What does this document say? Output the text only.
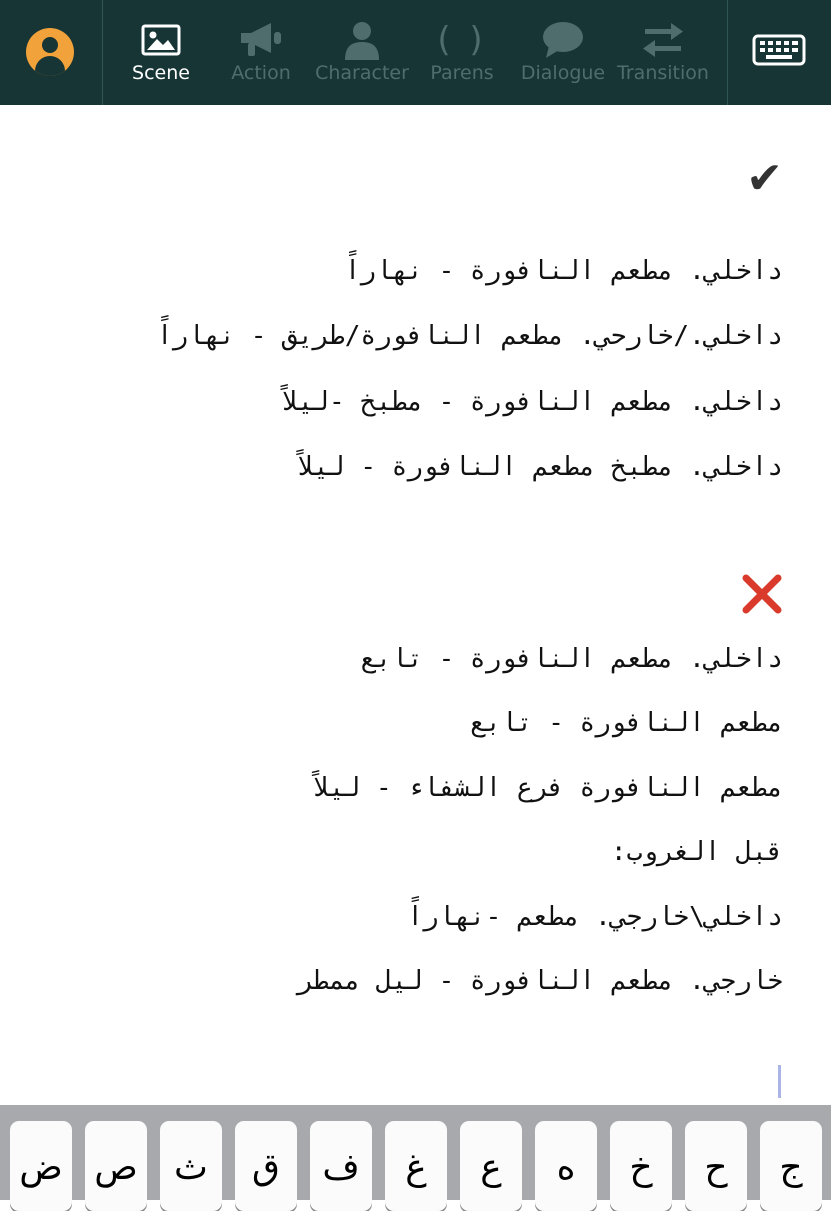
Scene	Action	Character
( )
Parens	Dialogue Transition
✔
داخلي. مطعم النافورة - نهاراً
داخلي./خارحي. مطعم النافورة/طريق - نهاراً
داخلي. مطعم النافورة - مطبخ -ليلاً
داخلي. مطبخ مطعم النافورة - ليلاً
داخلي. مطعم النافورة - تابع
مطعم النافورة - تابع
مطعم النافورة فرع الشفاء - ليلاً
قبل الغروب:
داخلي\خارجي. مطعم -نهاراً
خارجي. مطعم النافورة - ليل ممطر
ض ص	ث	ق	ف	غ	ع	ه	خ	ح	ج
